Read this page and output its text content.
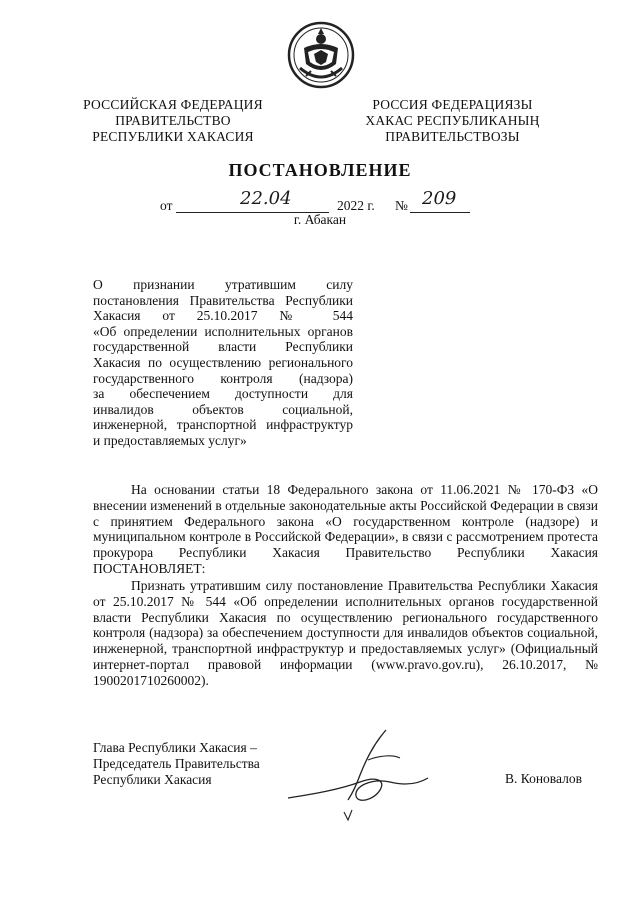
РОССИЙСКАЯ ФЕДЕРАЦИЯ
ПРАВИТЕЛЬСТВО
РЕСПУБЛИКИ ХАКАСИЯ
РОССИЯ ФЕДЕРАЦИЯЗЫ
ХАКАС РЕСПУБЛИКАНЫҢ
ПРАВИТЕЛЬСТВОЗЫ
ПОСТАНОВЛЕНИЕ
от	22.04	2022 г. № 209
г. Абакан
О признании утратившим силу
постановления Правительства Республики
Хакасия от 25.10.2017 № 544
«Об определении исполнительных органов
государственной власти Республики
Хакасия по осуществлению регионального
государственного контроля (надзора)
за обеспечением доступности для
инвалидов объектов социальной,
инженерной, транспортной инфраструктур
и предоставляемых услуг»
На основании статьи 18 Федерального закона от 11.06.2021 № 170-ФЗ «О внесении изменений в отдельные законодательные акты Российской Федерации в связи с принятием Федерального закона «О государственном контроле (надзоре) и муниципальном контроле в Российской Федерации», в связи с рассмотрением протеста прокурора Республики Хакасия Правительство Республики Хакасия ПОСТАНОВЛЯЕТ:
Признать утратившим силу постановление Правительства Республики Хакасия от 25.10.2017 № 544 «Об определении исполнительных органов государственной власти Республики Хакасия по осуществлению регионального государственного контроля (надзора) за обеспечением доступности для инвалидов объектов социальной, инженерной, транспортной инфраструктур и предоставляемых услуг» (Официальный интернет-портал правовой информации (www.pravo.gov.ru), 26.10.2017, № 1900201710260002).
Глава Республики Хакасия –
Председатель Правительства
Республики Хакасия	В. Коновалов
